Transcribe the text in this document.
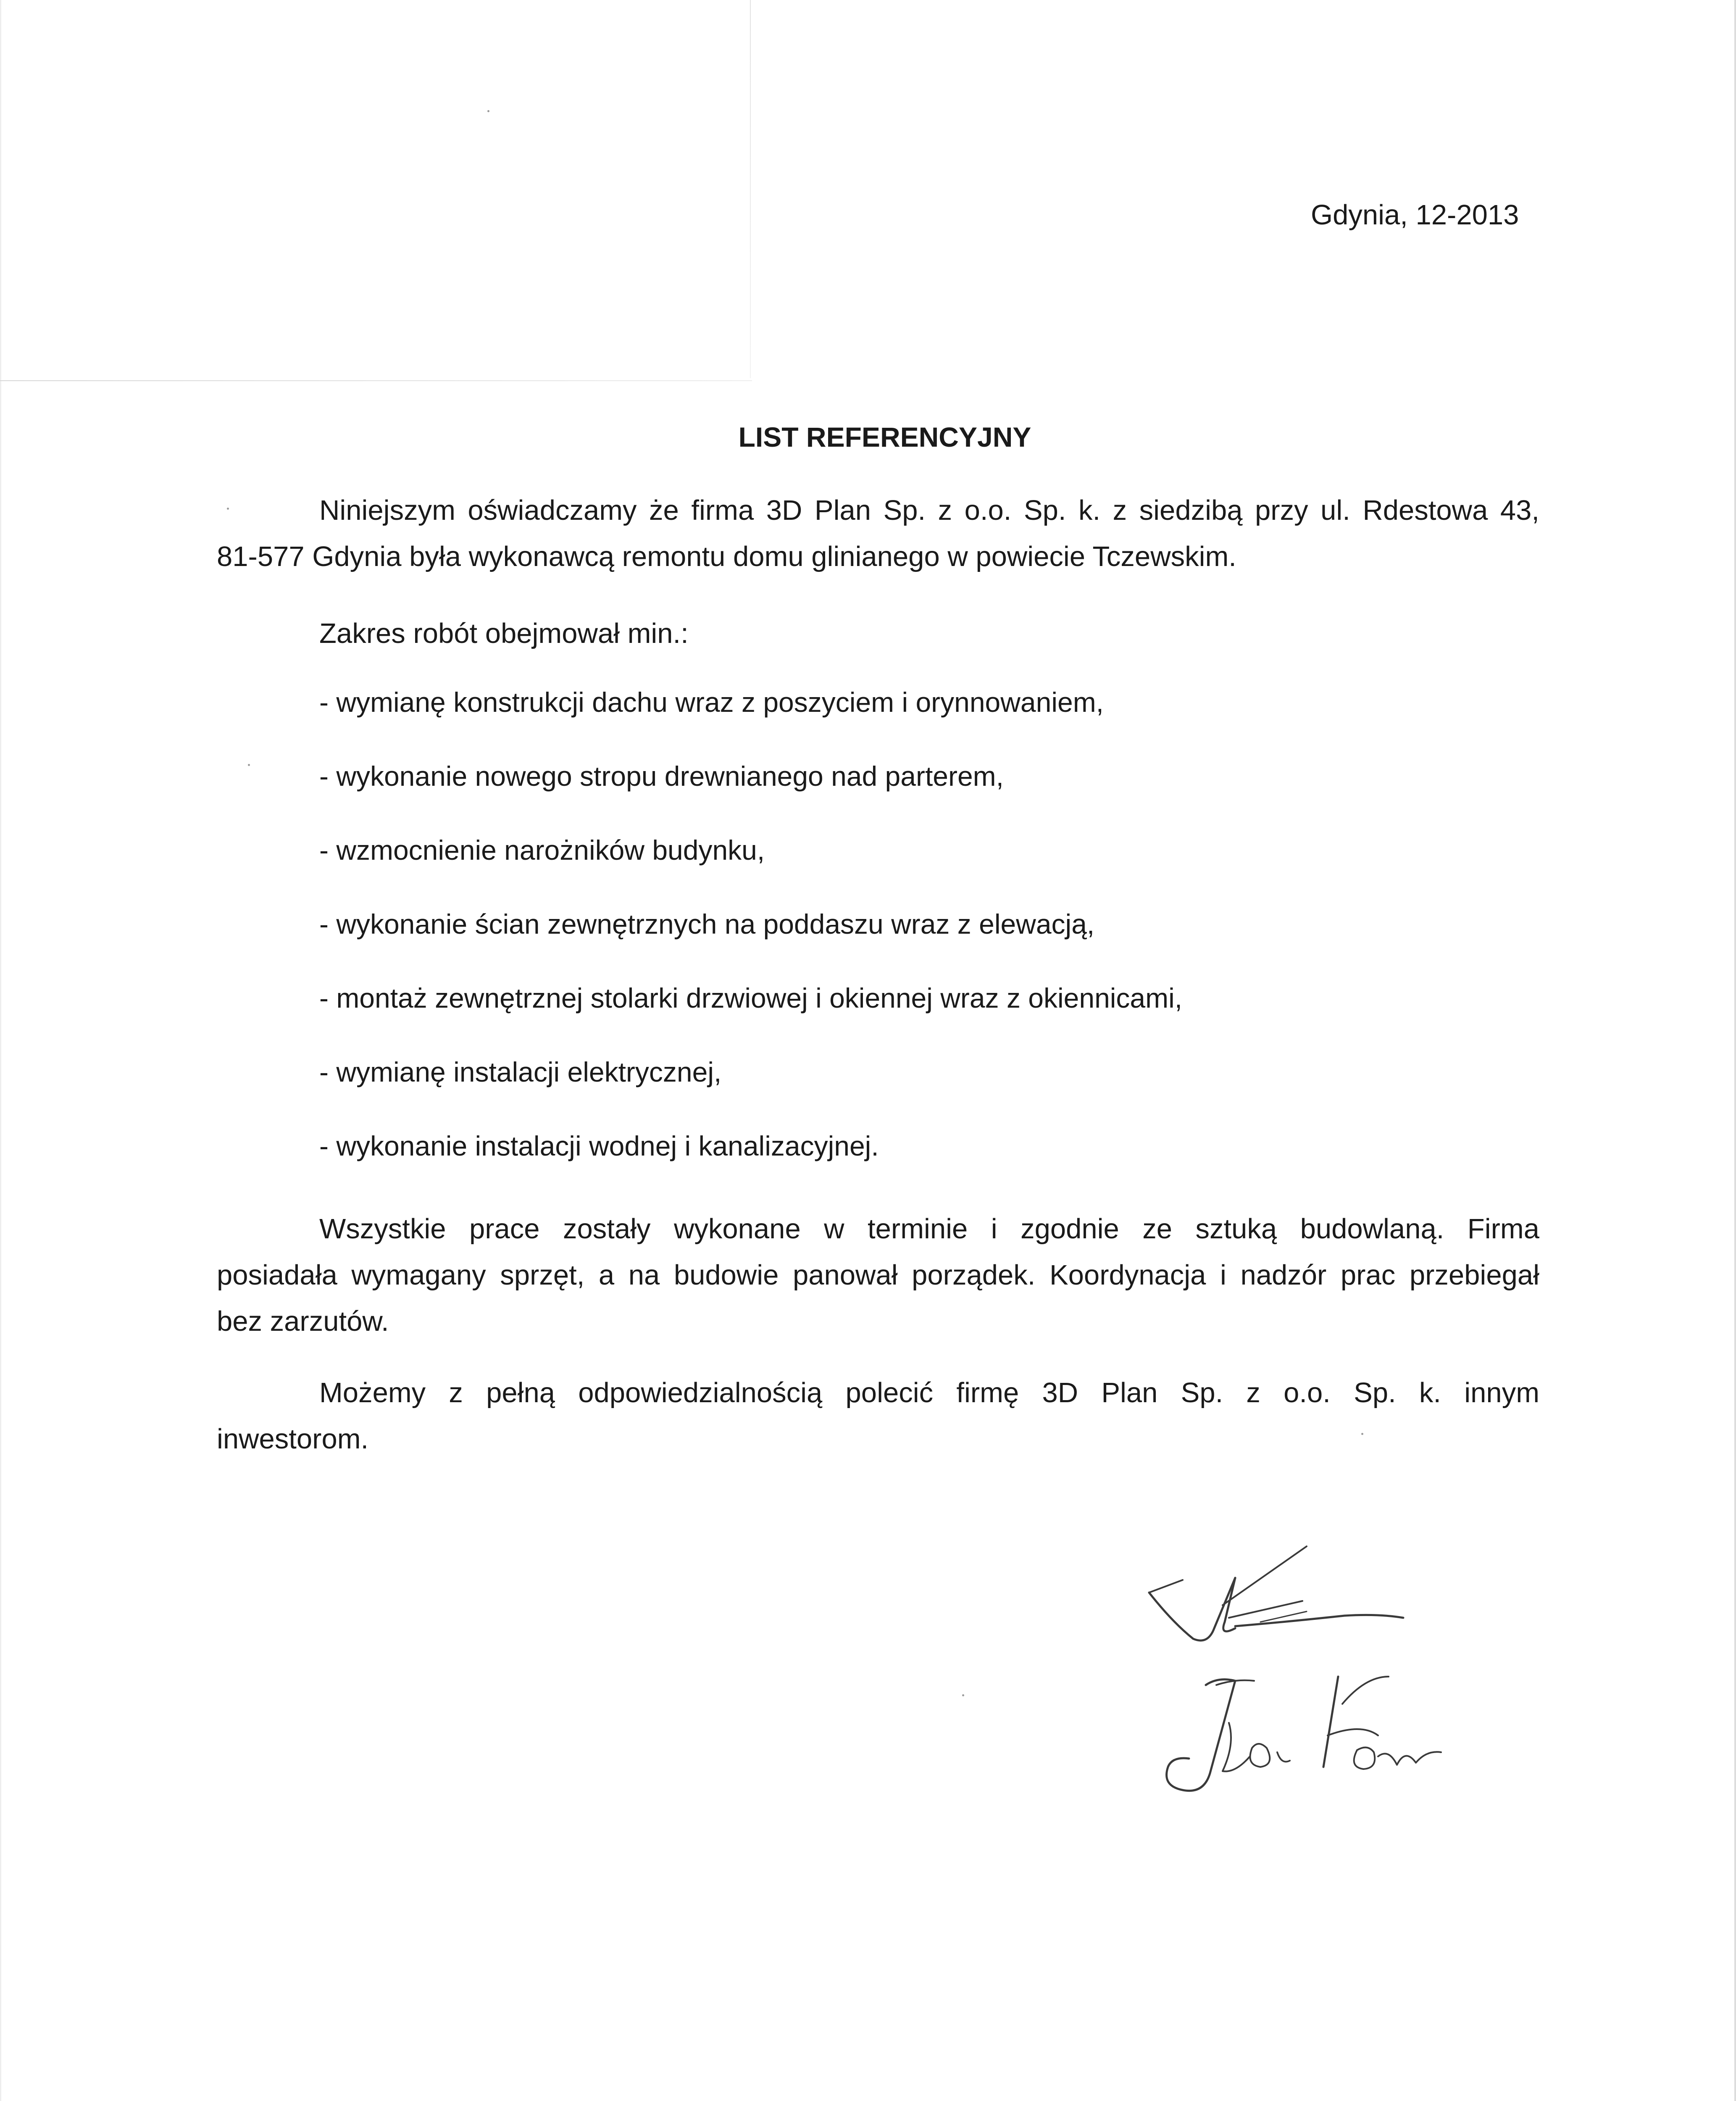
Gdynia, 12-2013
LIST REFERENCYJNY
Niniejszym oświadczamy że firma 3D Plan Sp. z o.o. Sp. k. z siedzibą przy ul. Rdestowa 43,
81-577 Gdynia była wykonawcą remontu domu glinianego w powiecie Tczewskim.
Zakres robót obejmował min.:
- wymianę konstrukcji dachu wraz z poszyciem i orynnowaniem,
- wykonanie nowego stropu drewnianego nad parterem,
- wzmocnienie narożników budynku,
- wykonanie ścian zewnętrznych na poddaszu wraz z elewacją,
- montaż zewnętrznej stolarki drzwiowej i okiennej wraz z okiennicami,
- wymianę instalacji elektrycznej,
- wykonanie instalacji wodnej i kanalizacyjnej.
Wszystkie prace zostały wykonane w terminie i zgodnie ze sztuką budowlaną. Firma
posiadała wymagany sprzęt, a na budowie panował porządek. Koordynacja i nadzór prac przebiegał
bez zarzutów.
Możemy z pełną odpowiedzialnością polecić firmę 3D Plan Sp. z o.o. Sp. k. innym
inwestorom.
